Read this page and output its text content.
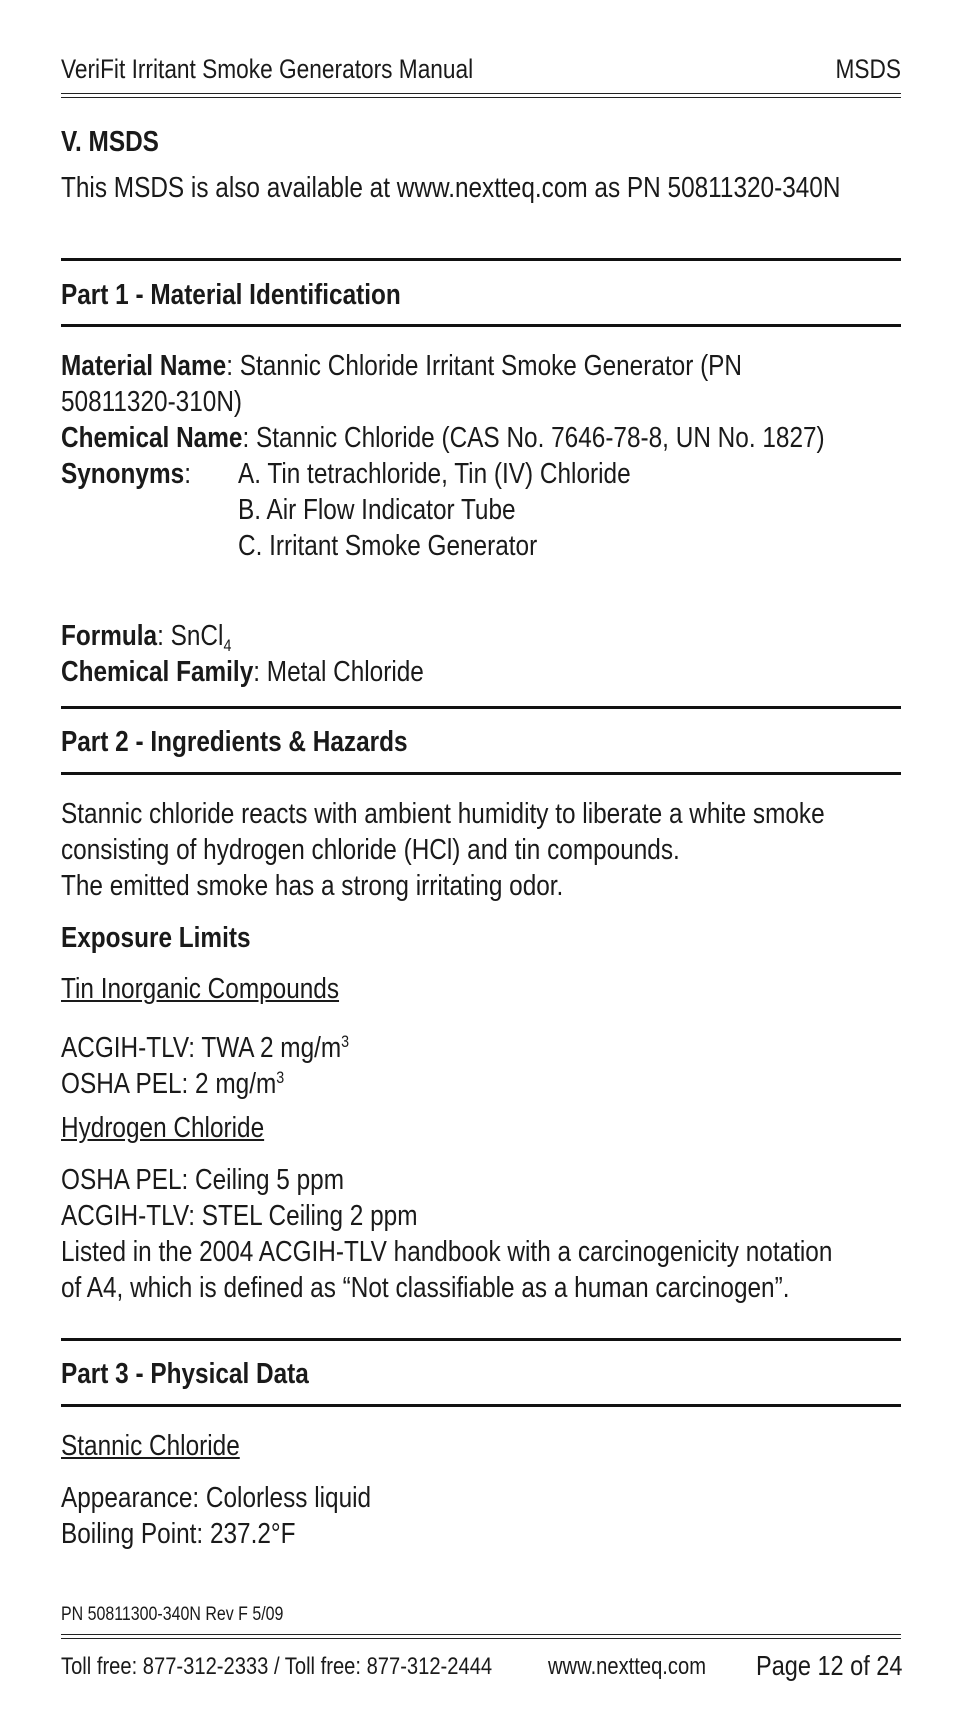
VeriFit Irritant Smoke Generators Manual	MSDS
V. MSDS
This MSDS is also available at www.nextteq.com as PN 50811320-340N
Part 1 - Material Identification
Material Name: Stannic Chloride Irritant Smoke Generator (PN
50811320-310N)
Chemical Name: Stannic Chloride (CAS No. 7646-78-8, UN No. 1827)
Synonyms:	A. Tin tetrachloride, Tin (IV) Chloride
B. Air Flow Indicator Tube
C. Irritant Smoke Generator
Formula: SnCl$_4$
Chemical Family: Metal Chloride
Part 2 - Ingredients & Hazards
Stannic chloride reacts with ambient humidity to liberate a white smoke
consisting of hydrogen chloride (HCl) and tin compounds.
The emitted smoke has a strong irritating odor.
Exposure Limits
Tin Inorganic Compounds
ACGIH-TLV: TWA 2 $mg/m^3$
OSHA PEL: 2 $mg/m^3$
Hydrogen Chloride
OSHA PEL: Ceiling 5 ppm
ACGIH-TLV: STEL Ceiling 2 ppm
Listed in the 2004 ACGIH-TLV handbook with a carcinogenicity notation
of A4, which is defined as “Not classifiable as a human carcinogen”.
Part 3 - Physical Data
Stannic Chloride
Appearance: Colorless liquid
Boiling Point: 237.2°F
PN 50811300-340N Rev F 5/09
Toll free: 877-312-2333 / Toll free: 877-312-2444	www.nextteq.com	Page 12 of 24
